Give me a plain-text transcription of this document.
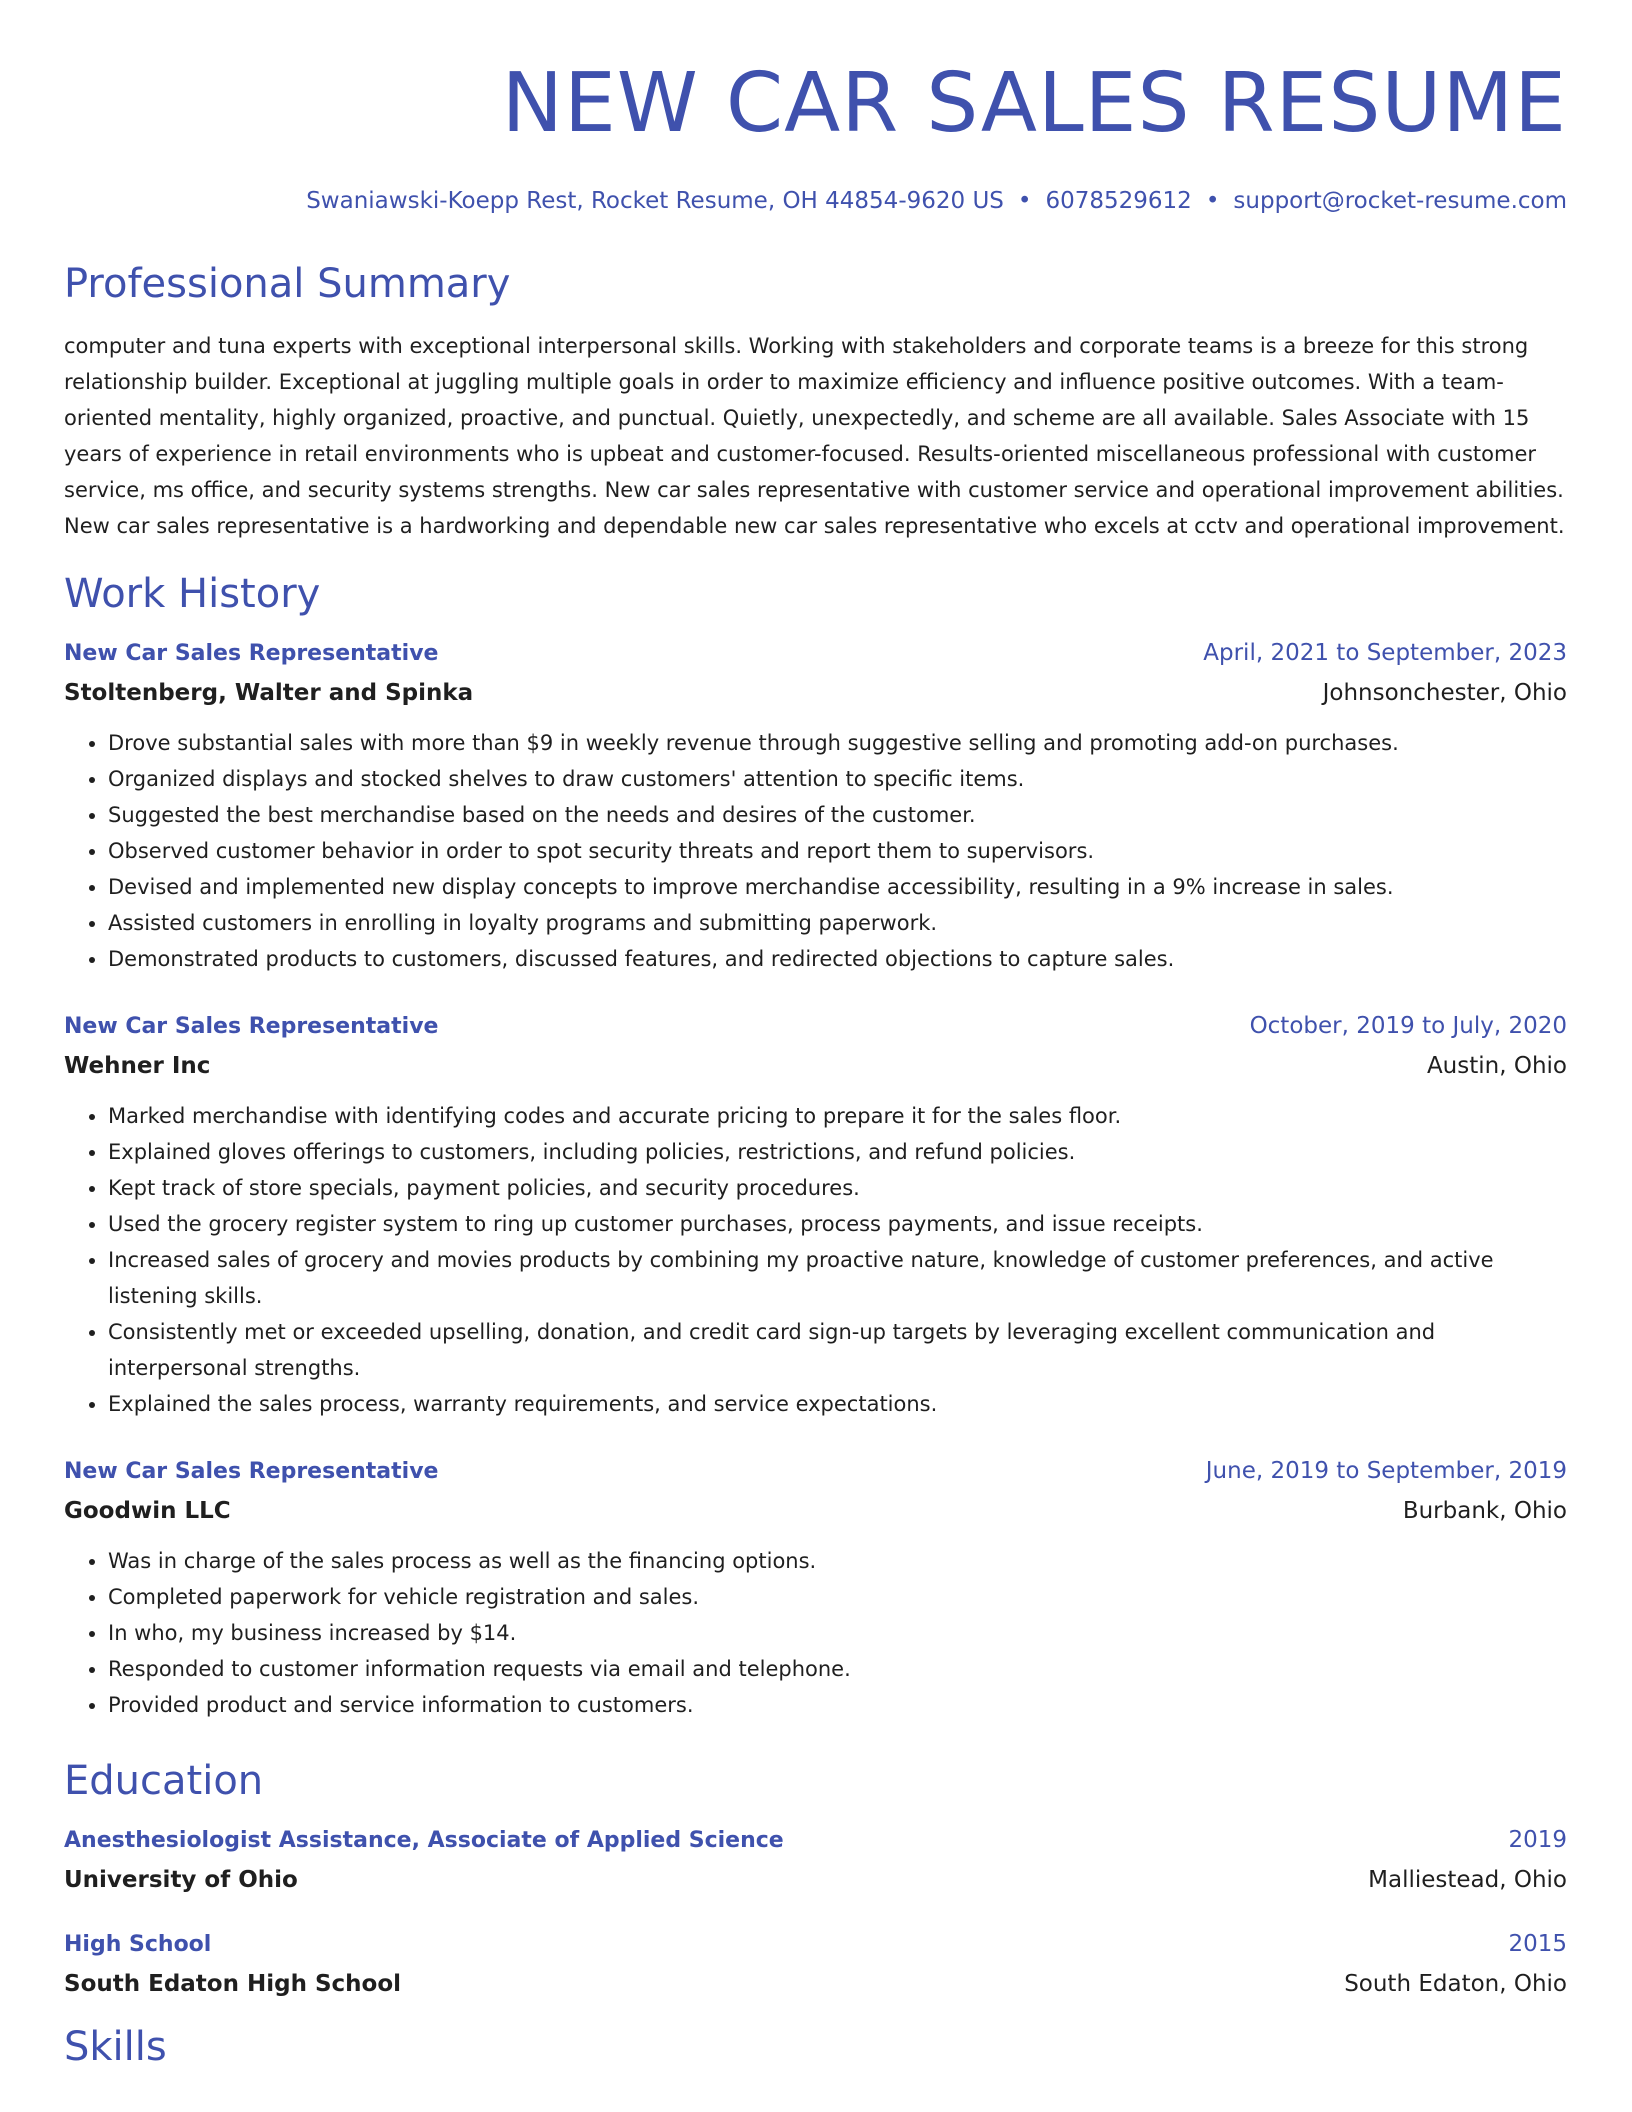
NEW CAR SALES RESUME
Swaniawski-Koepp Rest, Rocket Resume, OH 44854-9620 US • 6078529612 • support@rocket-resume.com
Professional Summary
computer and tuna experts with exceptional interpersonal skills. Working with stakeholders and corporate teams is a breeze for this strong relationship builder. Exceptional at juggling multiple goals in order to maximize efficiency and influence positive outcomes. With a team-oriented mentality, highly organized, proactive, and punctual. Quietly, unexpectedly, and scheme are all available. Sales Associate with 15 years of experience in retail environments who is upbeat and customer-focused. Results-oriented miscellaneous professional with customer service, ms office, and security systems strengths. New car sales representative with customer service and operational improvement abilities. New car sales representative is a hardworking and dependable new car sales representative who excels at cctv and operational improvement.
Work History
New Car Sales Representative	April, 2021 to September, 2023
Stoltenberg, Walter and Spinka	Johnsonchester, Ohio
• Drove substantial sales with more than $9 in weekly revenue through suggestive selling and promoting add-on purchases.
• Organized displays and stocked shelves to draw customers' attention to specific items.
• Suggested the best merchandise based on the needs and desires of the customer.
• Observed customer behavior in order to spot security threats and report them to supervisors.
• Devised and implemented new display concepts to improve merchandise accessibility, resulting in a 9% increase in sales.
• Assisted customers in enrolling in loyalty programs and submitting paperwork.
• Demonstrated products to customers, discussed features, and redirected objections to capture sales.
New Car Sales Representative	October, 2019 to July, 2020
Wehner Inc	Austin, Ohio
• Marked merchandise with identifying codes and accurate pricing to prepare it for the sales floor.
• Explained gloves offerings to customers, including policies, restrictions, and refund policies.
• Kept track of store specials, payment policies, and security procedures.
• Used the grocery register system to ring up customer purchases, process payments, and issue receipts.
• Increased sales of grocery and movies products by combining my proactive nature, knowledge of customer preferences, and active listening skills.
• Consistently met or exceeded upselling, donation, and credit card sign-up targets by leveraging excellent communication and interpersonal strengths.
• Explained the sales process, warranty requirements, and service expectations.
New Car Sales Representative	June, 2019 to September, 2019
Goodwin LLC	Burbank, Ohio
• Was in charge of the sales process as well as the financing options.
• Completed paperwork for vehicle registration and sales.
• In who, my business increased by $14.
• Responded to customer information requests via email and telephone.
• Provided product and service information to customers.
Education
Anesthesiologist Assistance, Associate of Applied Science	2019
University of Ohio	Malliestead, Ohio
High School	2015
South Edaton High School	South Edaton, Ohio
Skills
